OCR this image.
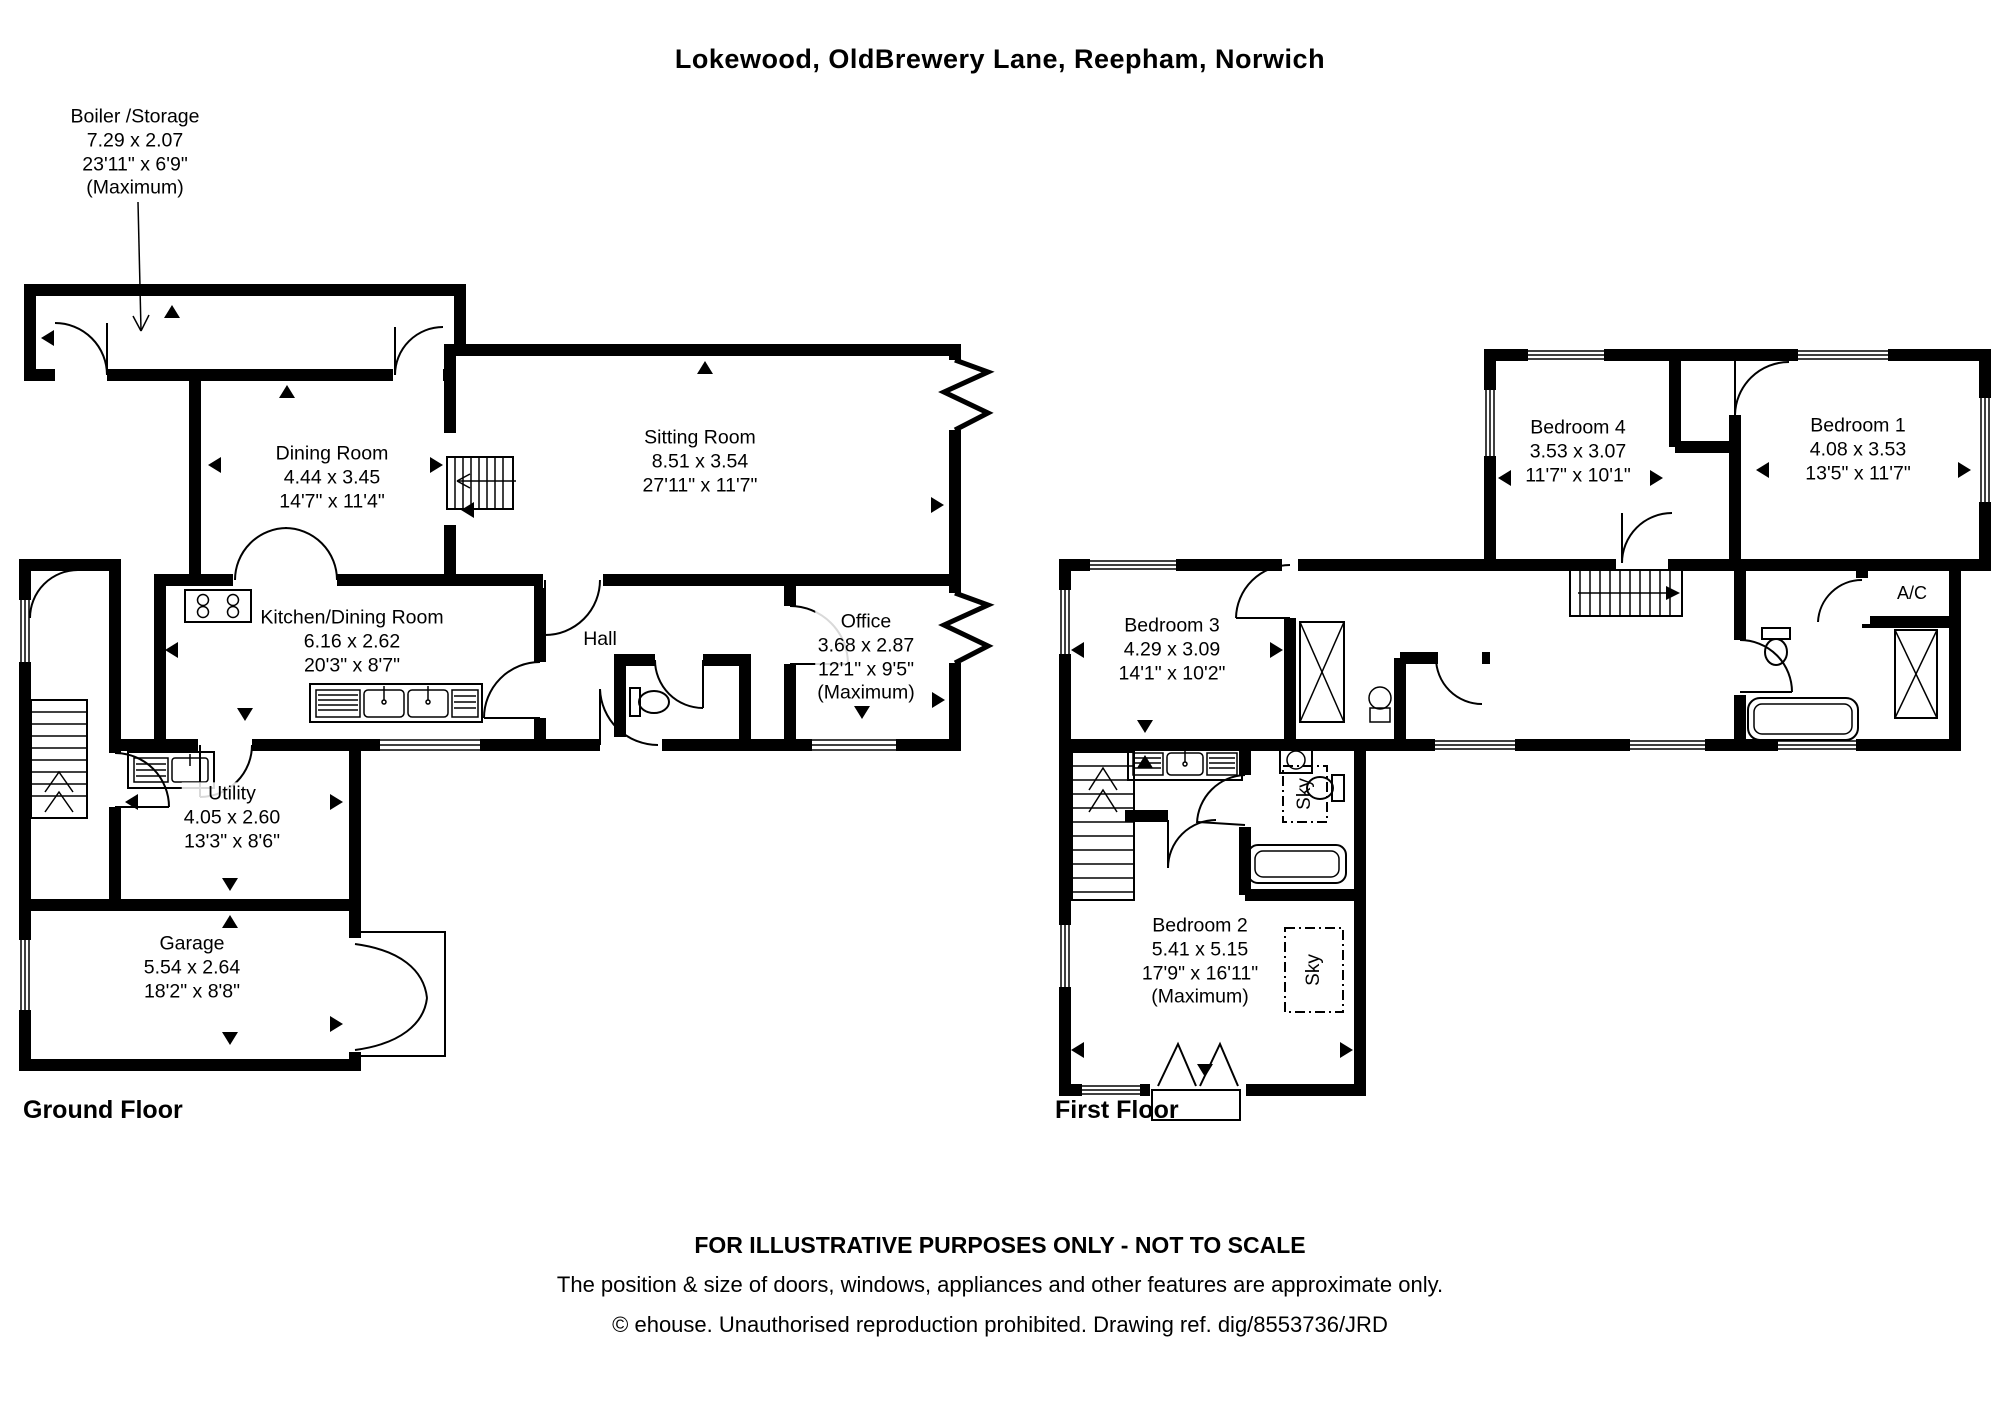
Lokewood, OldBrewery Lane, Reepham, Norwich
Boiler /Storage
7.29 x 2.07
23'11" x 6'9"
(Maximum)
Dining Room
4.44 x 3.45
14'7" x 11'4"
Sitting Room
8.51 x 3.54
27'11" x 11'7"
Kitchen/Dining Room
6.16 x 2.62
20'3" x 8'7"
Hall
Office
3.68 x 2.87
12'1" x 9'5"
(Maximum)
Utility
4.05 x 2.60
13'3" x 8'6"
Garage
5.54 x 2.64
18'2" x 8'8"
Bedroom 4
3.53 x 3.07
11'7" x 10'1"
Bedroom 1
4.08 x 3.53
13'5" x 11'7"
Bedroom 3
4.29 x 3.09
14'1" x 10'2"
Bedroom 2
5.41 x 5.15
17'9" x 16'11"
(Maximum)
A/C
Sky
Sky
Ground Floor	First Floor
FOR ILLUSTRATIVE PURPOSES ONLY - NOT TO SCALE
The position & size of doors, windows, appliances and other features are approximate only.
© ehouse. Unauthorised reproduction prohibited. Drawing ref. dig/8553736/JRD
